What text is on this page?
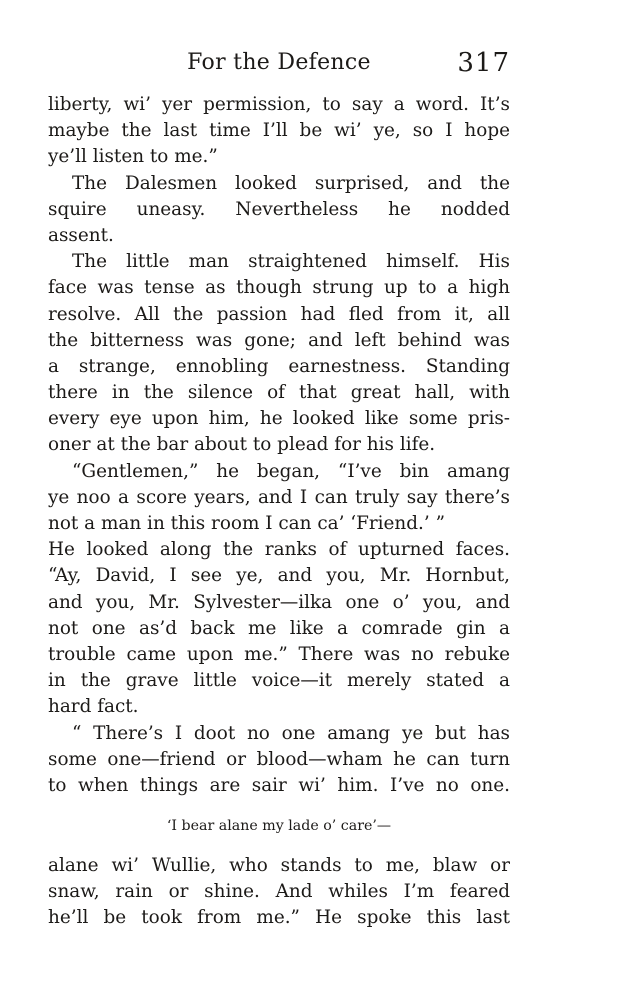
For the Defence	317
liberty, wi’ yer permission, to say a word. It’s
maybe the last time I’ll be wi’ ye, so I hope
ye’ll listen to me.”
The Dalesmen looked surprised, and the
squire uneasy. Nevertheless he nodded
assent.
The little man straightened himself. His
face was tense as though strung up to a high
resolve. All the passion had fled from it, all
the bitterness was gone; and left behind was
a strange, ennobling earnestness. Standing
there in the silence of that great hall, with
every eye upon him, he looked like some pris-
oner at the bar about to plead for his life.
“Gentlemen,” he began, “I’ve bin amang
ye noo a score years, and I can truly say there’s
not a man in this room I can ca’ ‘Friend.’ ”
He looked along the ranks of upturned faces.
“Ay, David, I see ye, and you, Mr. Hornbut,
and you, Mr. Sylvester—ilka one o’ you, and
not one as’d back me like a comrade gin a
trouble came upon me.” There was no rebuke
in the grave little voice—it merely stated a
hard fact.
“ There’s I doot no one amang ye but has
some one—friend or blood—wham he can turn
to when things are sair wi’ him. I’ve no one.
‘I bear alane my lade o’ care’—
alane wi’ Wullie, who stands to me, blaw or
snaw, rain or shine. And whiles I’m feared
he’ll be took from me.” He spoke this last
